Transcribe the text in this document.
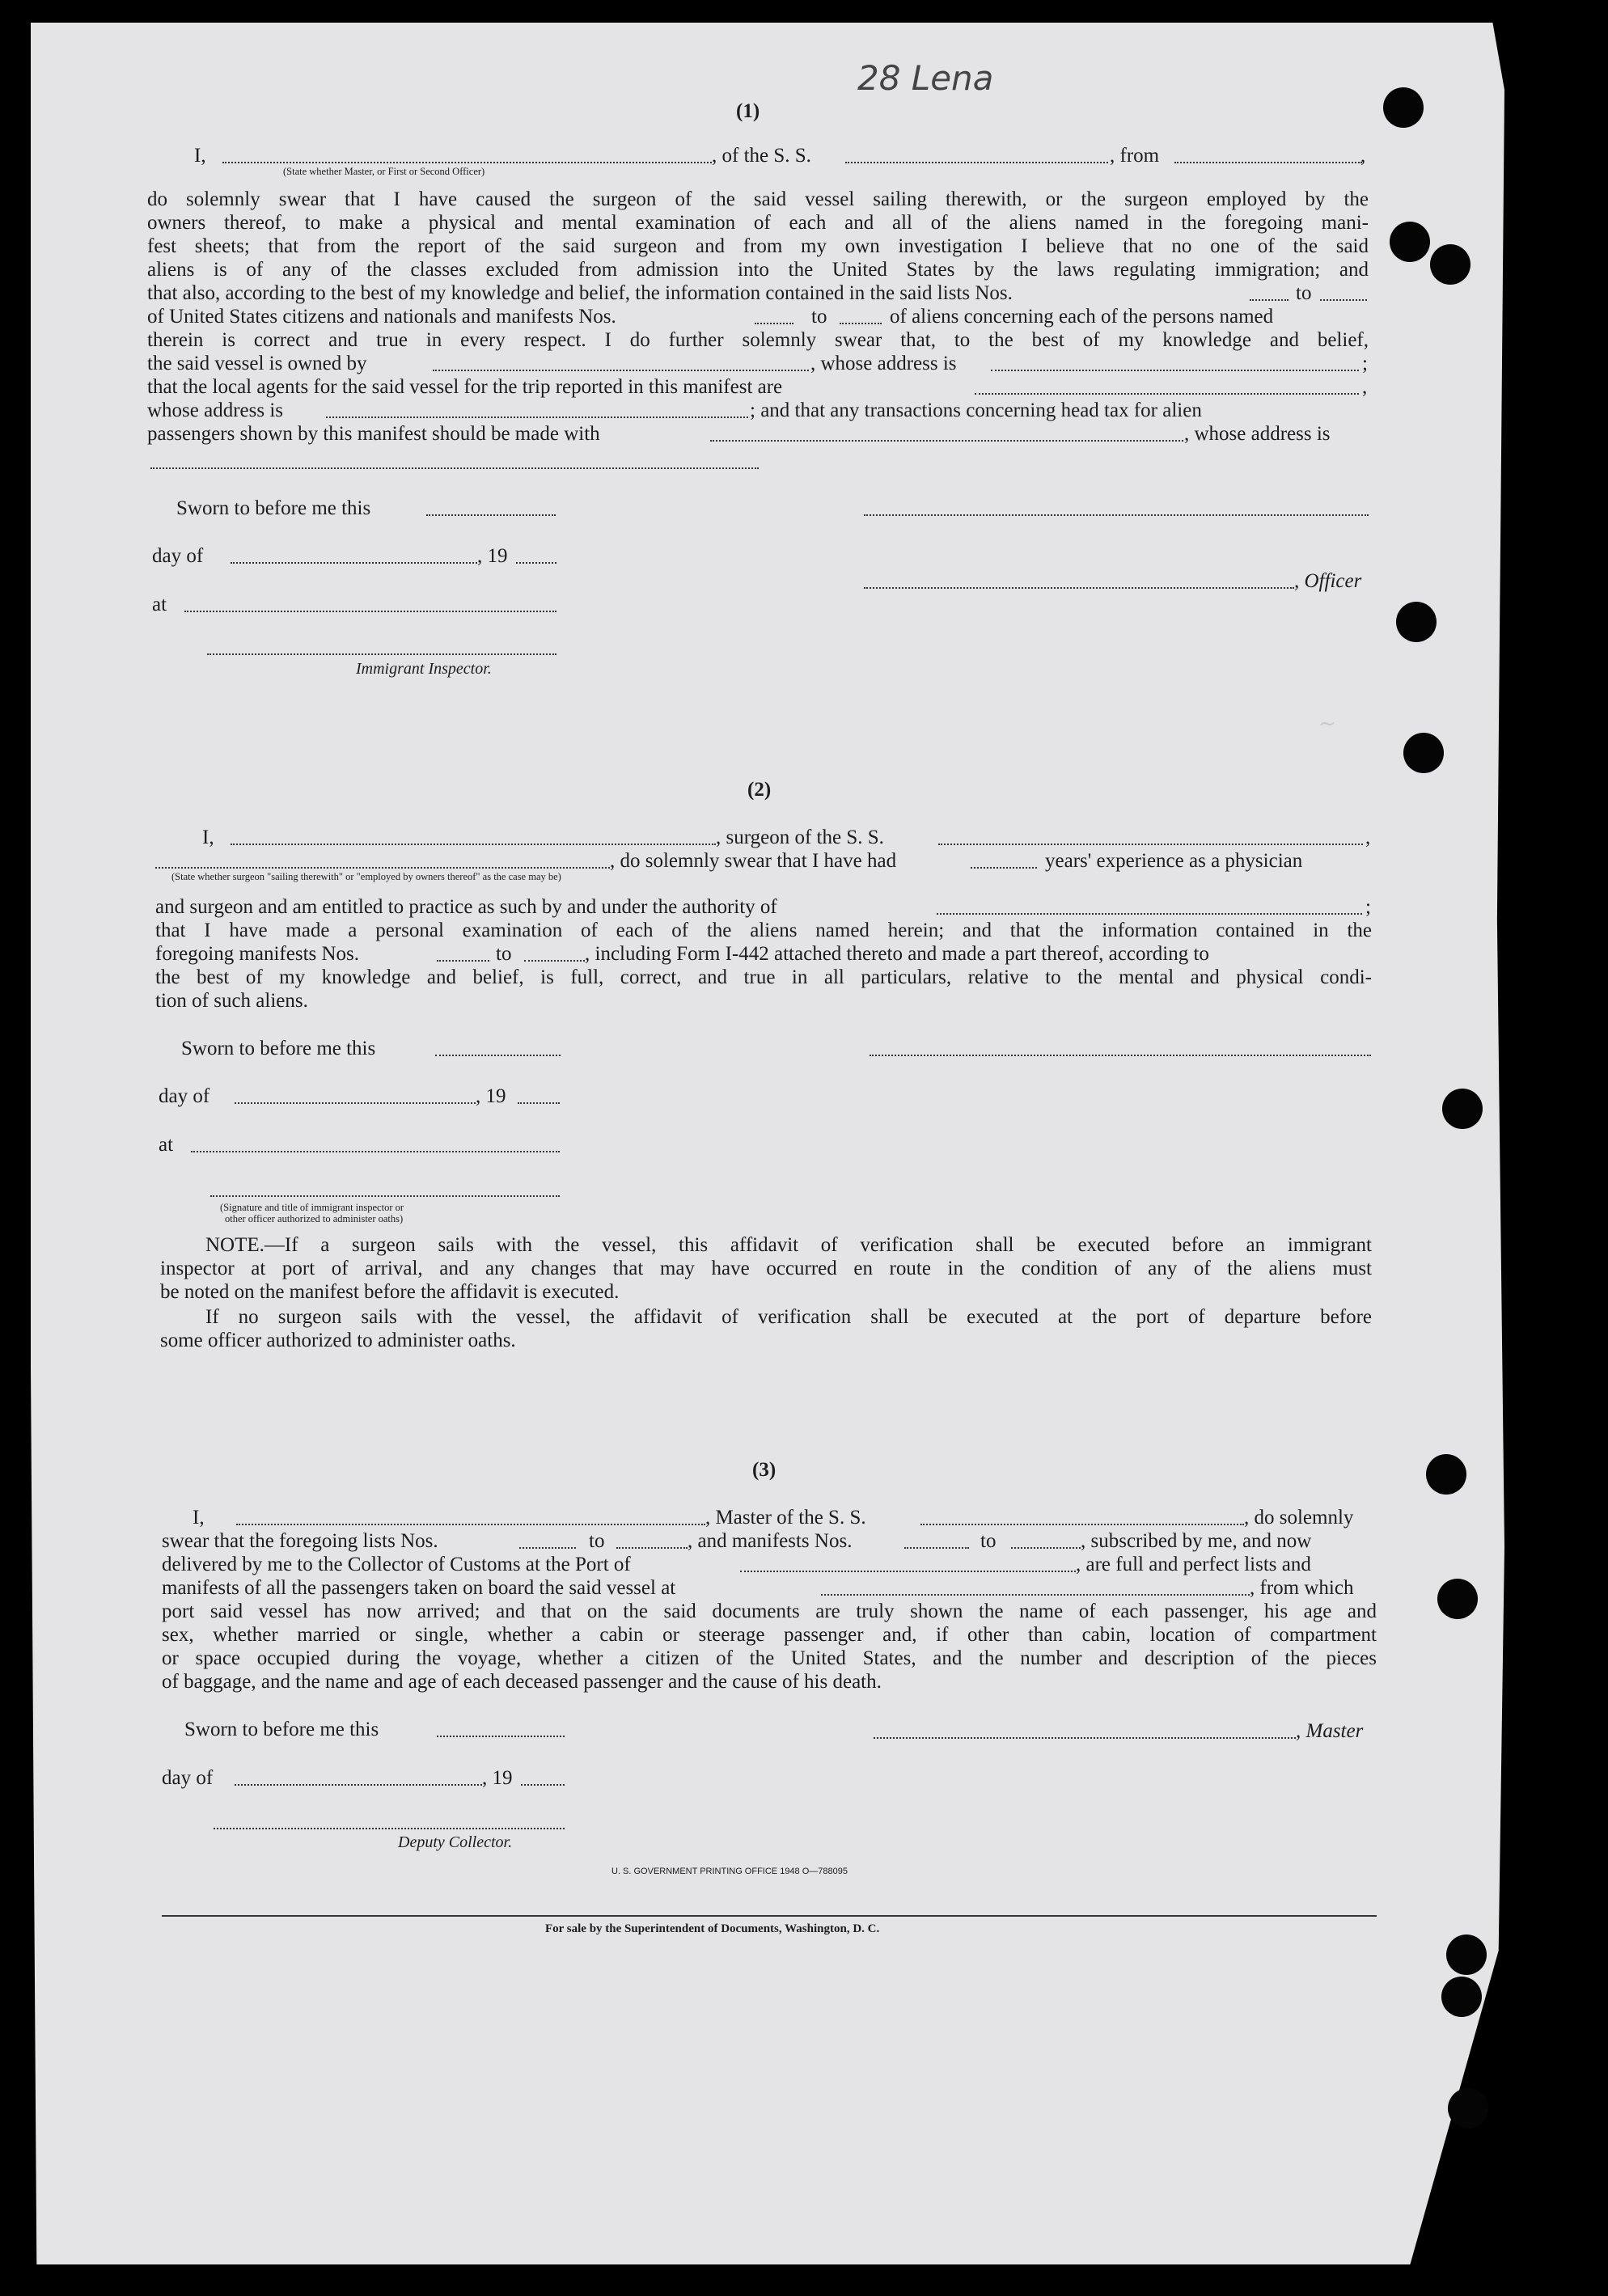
~
28 Lena
(1)
I,
(State whether Master, or First or Second Officer)
, of the S. S.	, from	,
do solemnly swear that I have caused the surgeon of the said vessel sailing therewith, or the surgeon employed by the
owners thereof, to make a physical and mental examination of each and all of the aliens named in the foregoing mani-
fest sheets; that from the report of the said surgeon and from my own investigation I believe that no one of the said
aliens is of any of the classes excluded from admission into the United States by the laws regulating immigration; and
that also, according to the best of my knowledge and belief, the information contained in the said lists Nos.	to
of United States citizens and nationals and manifests Nos.	to	of aliens concerning each of the persons named
therein is correct and true in every respect. I do further solemnly swear that, to the best of my knowledge and belief,
the said vessel is owned by	, whose address is	;
that the local agents for the said vessel for the trip reported in this manifest are	,
whose address is	; and that any transactions concerning head tax for alien
passengers shown by this manifest should be made with	, whose address is
Sworn to before me this
day of	, 19
, Officer
at
Immigrant Inspector.
(2)
I,	, surgeon of the S. S.	,
, do solemnly swear that I have had	years' experience as a physician
(State whether surgeon "sailing therewith" or "employed by owners thereof" as the case may be)
and surgeon and am entitled to practice as such by and under the authority of	;
that I have made a personal examination of each of the aliens named herein; and that the information contained in the
foregoing manifests Nos.	to	, including Form I-442 attached thereto and made a part thereof, according to
the best of my knowledge and belief, is full, correct, and true in all particulars, relative to the mental and physical condi-
tion of such aliens.
Sworn to before me this
day of	, 19
at
(Signature and title of immigrant inspector or
other officer authorized to administer oaths)
NOTE.—If a surgeon sails with the vessel, this affidavit of verification shall be executed before an immigrant
inspector at port of arrival, and any changes that may have occurred en route in the condition of any of the aliens must
be noted on the manifest before the affidavit is executed.
If no surgeon sails with the vessel, the affidavit of verification shall be executed at the port of departure before
some officer authorized to administer oaths.
(3)
I,	, Master of the S. S.	, do solemnly
swear that the foregoing lists Nos.	to	, and manifests Nos.	to	, subscribed by me, and now
delivered by me to the Collector of Customs at the Port of	, are full and perfect lists and
manifests of all the passengers taken on board the said vessel at	, from which
port said vessel has now arrived; and that on the said documents are truly shown the name of each passenger, his age and
sex, whether married or single, whether a cabin or steerage passenger and, if other than cabin, location of compartment
or space occupied during the voyage, whether a citizen of the United States, and the number and description of the pieces
of baggage, and the name and age of each deceased passenger and the cause of his death.
Sworn to before me this	, Master
day of	, 19
Deputy Collector.
U. S. GOVERNMENT PRINTING OFFICE 1948 O—788095
For sale by the Superintendent of Documents, Washington, D. C.
